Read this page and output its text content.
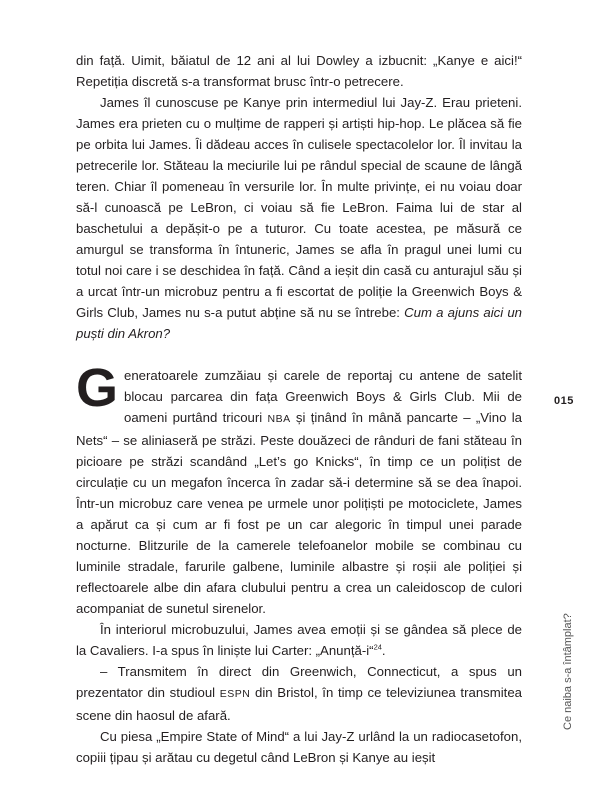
din față. Uimit, băiatul de 12 ani al lui Dowley a izbucnit: „Kanye e aici!“ Repetiția discretă s-a transformat brusc într-o petrecere.

James îl cunoscuse pe Kanye prin intermediul lui Jay-Z. Erau prieteni. James era prieten cu o mulțime de rapperi și artiști hip-hop. Le plăcea să fie pe orbita lui James. Îi dădeau acces în culisele spectacolelor lor. Îl invitau la petrecerile lor. Stăteau la meciurile lui pe rândul special de scaune de lângă teren. Chiar îl pomeneau în versurile lor. În multe privințe, ei nu voiau doar să-l cunoască pe LeBron, ci voiau să fie LeBron. Faima lui de star al baschetului a depășit-o pe a tuturor. Cu toate acestea, pe măsură ce amurgul se transforma în întuneric, James se afla în pragul unei lumi cu totul noi care i se deschidea în față. Când a ieșit din casă cu anturajul său și a urcat într-un microbuz pentru a fi escortat de poliție la Greenwich Boys & Girls Club, James nu s-a putut abține să nu se întrebe: Cum a ajuns aici un puști din Akron?

Generatoarele zumzăiau și carele de reportaj cu antene de satelit blocau parcarea din fața Greenwich Boys & Girls Club. Mii de oameni purtând tricouri NBA și ținând în mână pancarte – „Vino la Nets“ – se aliniaseră pe străzi. Peste douăzeci de rânduri de fani stăteau în picioare pe străzi scandând „Let’s go Knicks“, în timp ce un polițist de circulație cu un megafon încerca în zadar să-i determine să se dea înapoi. Într-un microbuz care venea pe urmele unor polițiști pe motociclete, James a apărut ca și cum ar fi fost pe un car alegoric în timpul unei parade nocturne. Blitzurile de la camerele telefoanelor mobile se combinau cu luminile stradale, farurile galbene, luminile albastre și roșii ale poliției și reflectoarele albe din afara clubului pentru a crea un caleidoscop de culori acompaniat de sunetul sirenelor.

În interiorul microbuzului, James avea emoții și se gândea să plece de la Cavaliers. I-a spus în liniște lui Carter: „Anunță-i“$^{24}$.

– Transmitem în direct din Greenwich, Connecticut, a spus un prezentator din studioul ESPN din Bristol, în timp ce televiziunea transmitea scene din haosul de afară.

Cu piesa „Empire State of Mind“ a lui Jay-Z urlând la un radiocasetofon, copiii țipau și arătau cu degetul când LeBron și Kanye au ieșit

015
Ce naiba s-a întâmplat?
